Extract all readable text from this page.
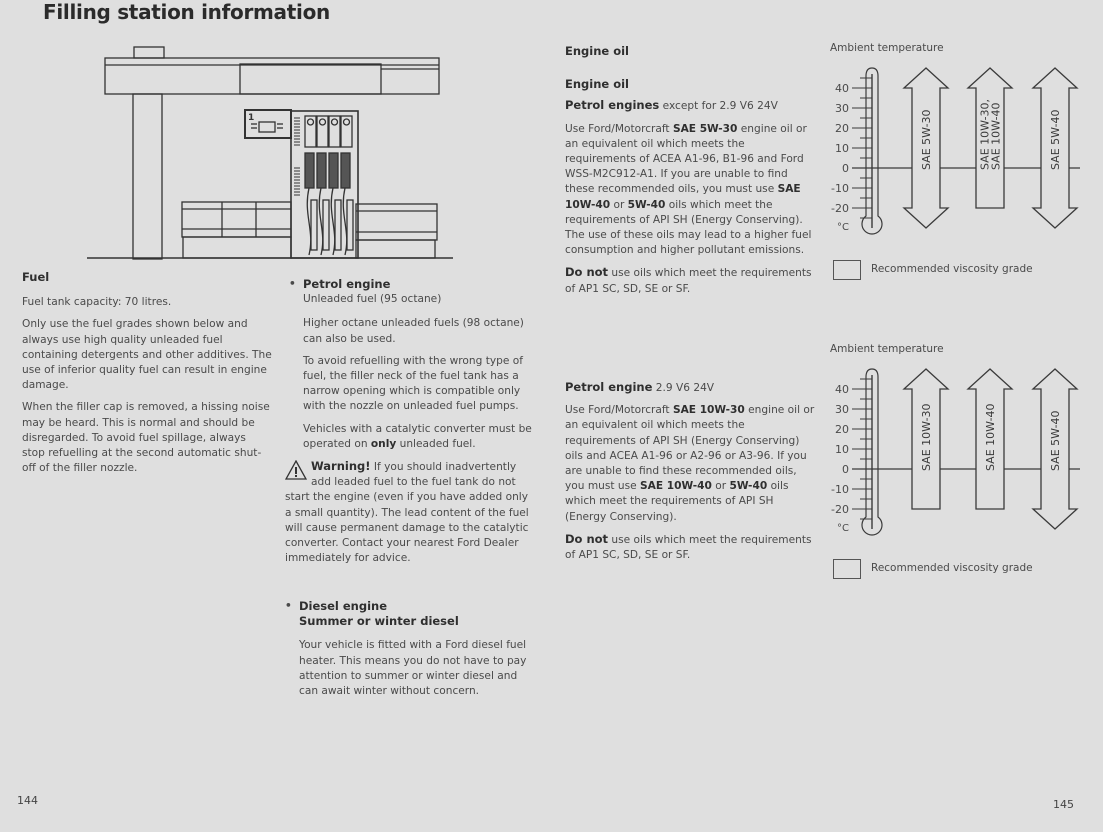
Filling station information
1
Fuel

Fuel tank capacity: 70 litres.

Only use the fuel grades shown below and always use high quality unleaded fuel containing detergents and other additives. The use of inferior quality fuel can result in engine damage.

When the filler cap is removed, a hissing noise may be heard. This is normal and should be disregarded. To avoid fuel spillage, always stop refuelling at the second automatic shut-off of the filler nozzle.

• Petrol engine

Unleaded fuel (95 octane)

Higher octane unleaded fuels (98 octane) can also be used.

To avoid refuelling with the wrong type of fuel, the filler neck of the fuel tank has a narrow opening which is compatible only with the nozzle on unleaded fuel pumps.

Vehicles with a catalytic converter must be operated on only unleaded fuel.

Warning! If you should inadvertently add leaded fuel to the fuel tank do not start the engine (even if you have added only a small quantity). The lead content of the fuel will cause permanent damage to the catalytic converter. Contact your nearest Ford Dealer immediately for advice.

• Diesel engine
Summer or winter diesel

Your vehicle is fitted with a Ford diesel fuel heater. This means you do not have to pay attention to summer or winter diesel and can await winter without concern.

Engine oil
Engine oil

Petrol engines except for 2.9 V6 24V

Use Ford/Motorcraft SAE 5W-30 engine oil or an equivalent oil which meets the requirements of ACEA A1-96, B1-96 and Ford WSS-M2C912-A1. If you are unable to find these recommended oils, you must use SAE 10W-40 or 5W-40 oils which meet the requirements of API SH (Energy Conserving). The use of these oils may lead to a higher fuel consumption and higher pollutant emissions.

Do not use oils which meet the requirements of AP1 SC, SD, SE or SF.

Petrol engine 2.9 V6 24V

Use Ford/Motorcraft SAE 10W-30 engine oil or an equivalent oil which meets the requirements of API SH (Energy Conserving) oils and ACEA A1-96 or A2-96 or A3-96. If you are unable to find these recommended oils, you must use SAE 10W-40 or 5W-40 oils which meet the requirements of API SH (Energy Conserving).

Do not use oils which meet the requirements of AP1 SC, SD, SE or SF.

Ambient temperature
40
30
20
10
0
-10
-20
°C
SAE 5W-30	SAE 10W-30,
SAE 10W-40	SAE 5W-40
Recommended viscosity grade
Ambient temperature
40
30
20
10
0
-10
-20
°C
SAE 10W-30	SAE 10W-40	SAE 5W-40
Recommended viscosity grade
144	145
